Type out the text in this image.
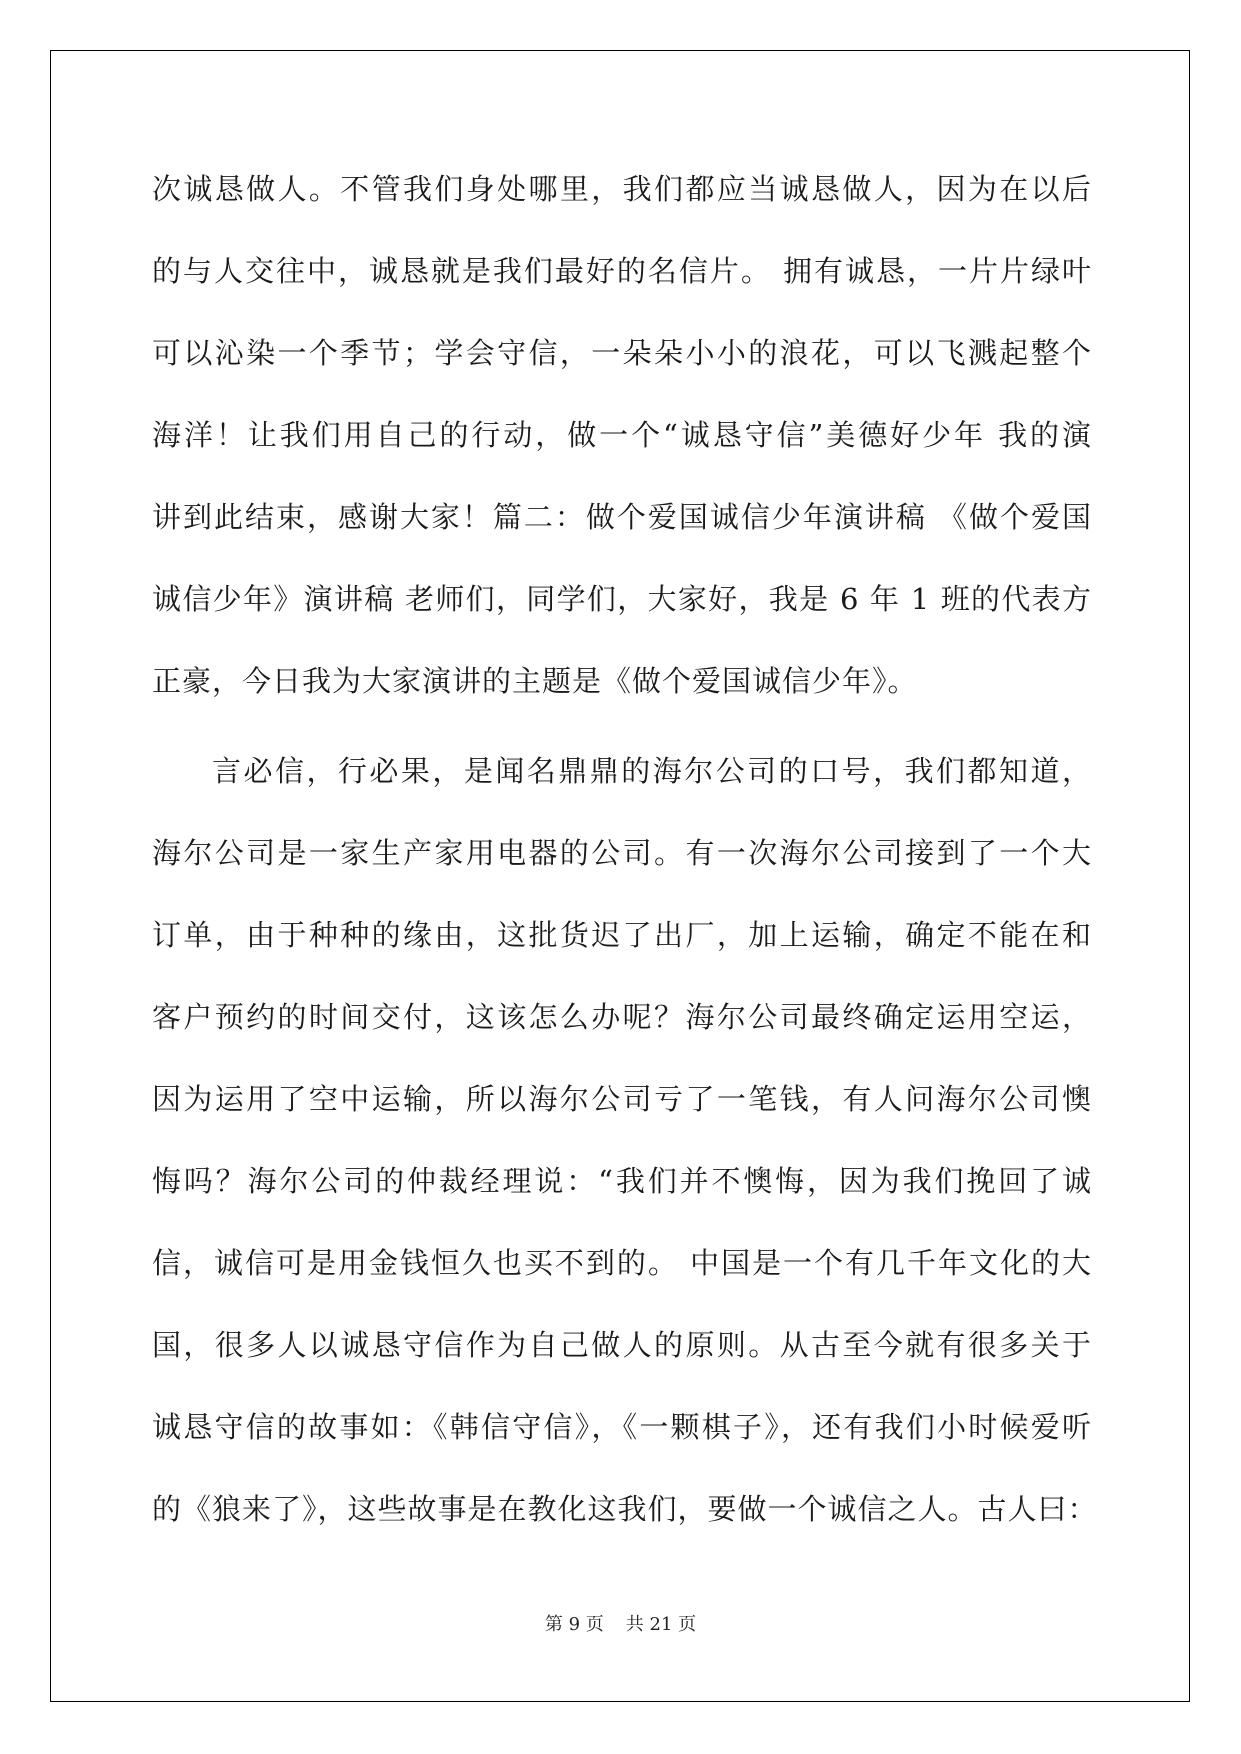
次诚恳做人。不管我们身处哪里，我们都应当诚恳做人，因为在以后
的与人交往中，诚恳就是我们最好的名信片。 拥有诚恳，一片片绿叶
可以沁染一个季节；学会守信，一朵朵小小的浪花，可以飞溅起整个
海洋！让我们用自己的行动，做一个“诚恳守信”美德好少年 我的演
讲到此结束，感谢大家！篇二：做个爱国诚信少年演讲稿 《做个爱国
诚信少年》演讲稿 老师们，同学们，大家好，我是 6 年 1 班的代表方
正豪，今日我为大家演讲的主题是《做个爱国诚信少年》。
言必信，行必果，是闻名鼎鼎的海尔公司的口号，我们都知道，
海尔公司是一家生产家用电器的公司。有一次海尔公司接到了一个大
订单，由于种种的缘由，这批货迟了出厂，加上运输，确定不能在和
客户预约的时间交付，这该怎么办呢？海尔公司最终确定运用空运，
因为运用了空中运输，所以海尔公司亏了一笔钱，有人问海尔公司懊
悔吗？海尔公司的仲裁经理说：“我们并不懊悔，因为我们挽回了诚
信，诚信可是用金钱恒久也买不到的。 中国是一个有几千年文化的大
国，很多人以诚恳守信作为自己做人的原则。从古至今就有很多关于
诚恳守信的故事如：《韩信守信》，《一颗棋子》，还有我们小时候爱听
的《狼来了》，这些故事是在教化这我们，要做一个诚信之人。古人曰：
第 9 页 共 21 页
